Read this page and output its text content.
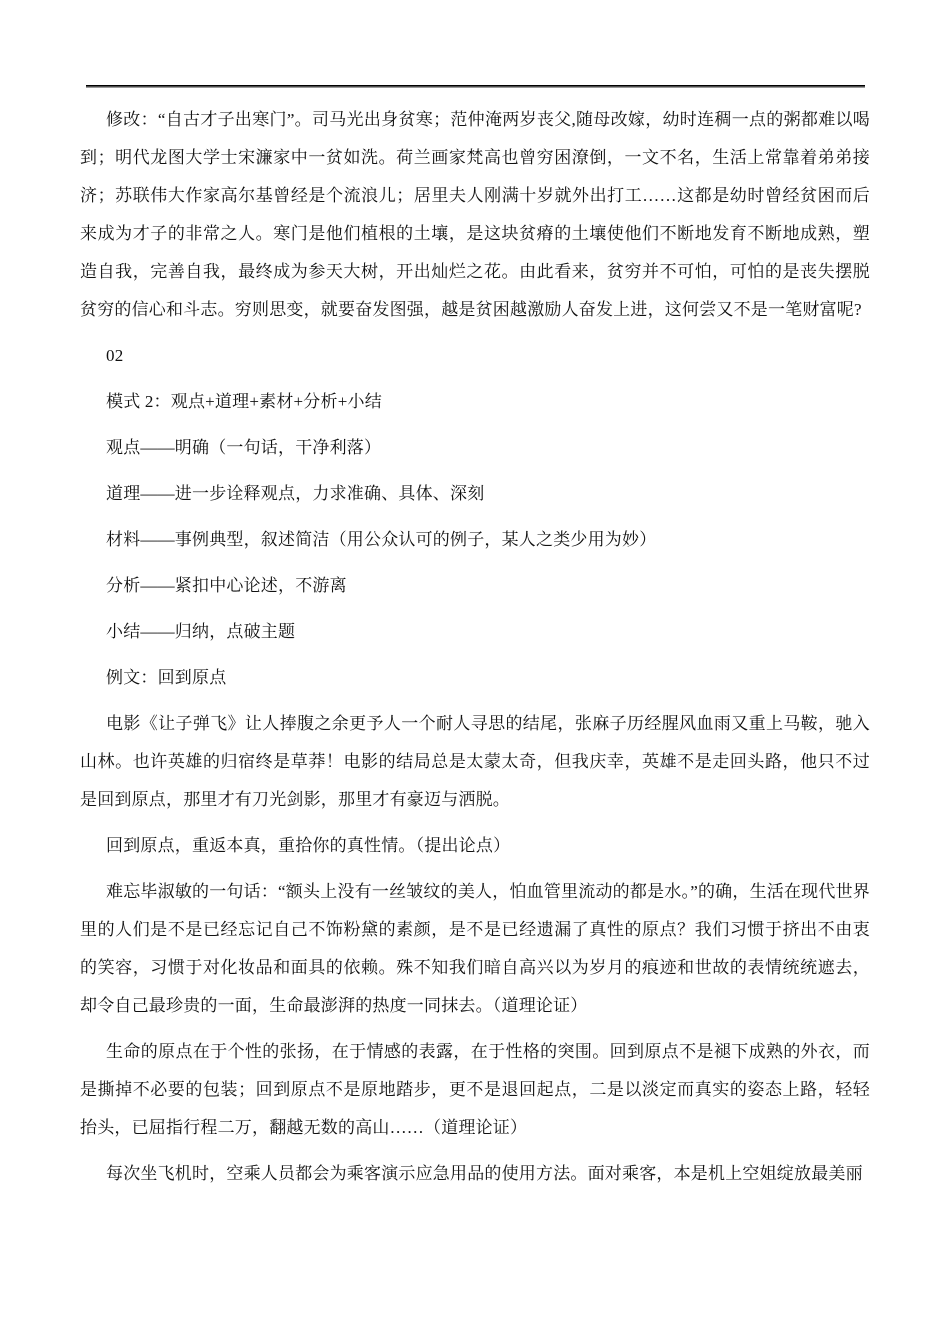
修改：“自古才子出寒门”。司马光出身贫寒；范仲淹两岁丧父,随母改嫁，幼时连稠一点的粥都难以喝到；明代龙图大学士宋濂家中一贫如洗。荷兰画家梵高也曾穷困潦倒，一文不名，生活上常靠着弟弟接济；苏联伟大作家高尔基曾经是个流浪儿；居里夫人刚满十岁就外出打工……这都是幼时曾经贫困而后来成为才子的非常之人。寒门是他们植根的土壤，是这块贫瘠的土壤使他们不断地发育不断地成熟，塑造自我，完善自我，最终成为参天大树，开出灿烂之花。由此看来，贫穷并不可怕，可怕的是丧失摆脱贫穷的信心和斗志。穷则思变，就要奋发图强，越是贫困越激励人奋发上进，这何尝又不是一笔财富呢?

02

模式 2：观点+道理+素材+分析+小结

观点——明确（一句话，干净利落）

道理——进一步诠释观点，力求准确、具体、深刻

材料——事例典型，叙述简洁（用公众认可的例子，某人之类少用为妙）

分析——紧扣中心论述，不游离

小结——归纳，点破主题

例文：回到原点

电影《让子弹飞》让人捧腹之余更予人一个耐人寻思的结尾，张麻子历经腥风血雨又重上马鞍，驰入山林。也许英雄的归宿终是草莽！电影的结局总是太蒙太奇，但我庆幸，英雄不是走回头路，他只不过是回到原点，那里才有刀光剑影，那里才有豪迈与洒脱。

回到原点，重返本真，重拾你的真性情。（提出论点）

难忘毕淑敏的一句话：“额头上没有一丝皱纹的美人，怕血管里流动的都是水。”的确，生活在现代世界里的人们是不是已经忘记自己不饰粉黛的素颜，是不是已经遗漏了真性的原点？我们习惯于挤出不由衷的笑容，习惯于对化妆品和面具的依赖。殊不知我们暗自高兴以为岁月的痕迹和世故的表情统统遮去，却令自己最珍贵的一面，生命最澎湃的热度一同抹去。（道理论证）

生命的原点在于个性的张扬，在于情感的表露，在于性格的突围。回到原点不是褪下成熟的外衣，而是撕掉不必要的包装；回到原点不是原地踏步，更不是退回起点，二是以淡定而真实的姿态上路，轻轻抬头，已屈指行程二万，翻越无数的高山……（道理论证）

每次坐飞机时，空乘人员都会为乘客演示应急用品的使用方法。面对乘客，本是机上空姐绽放最美丽
